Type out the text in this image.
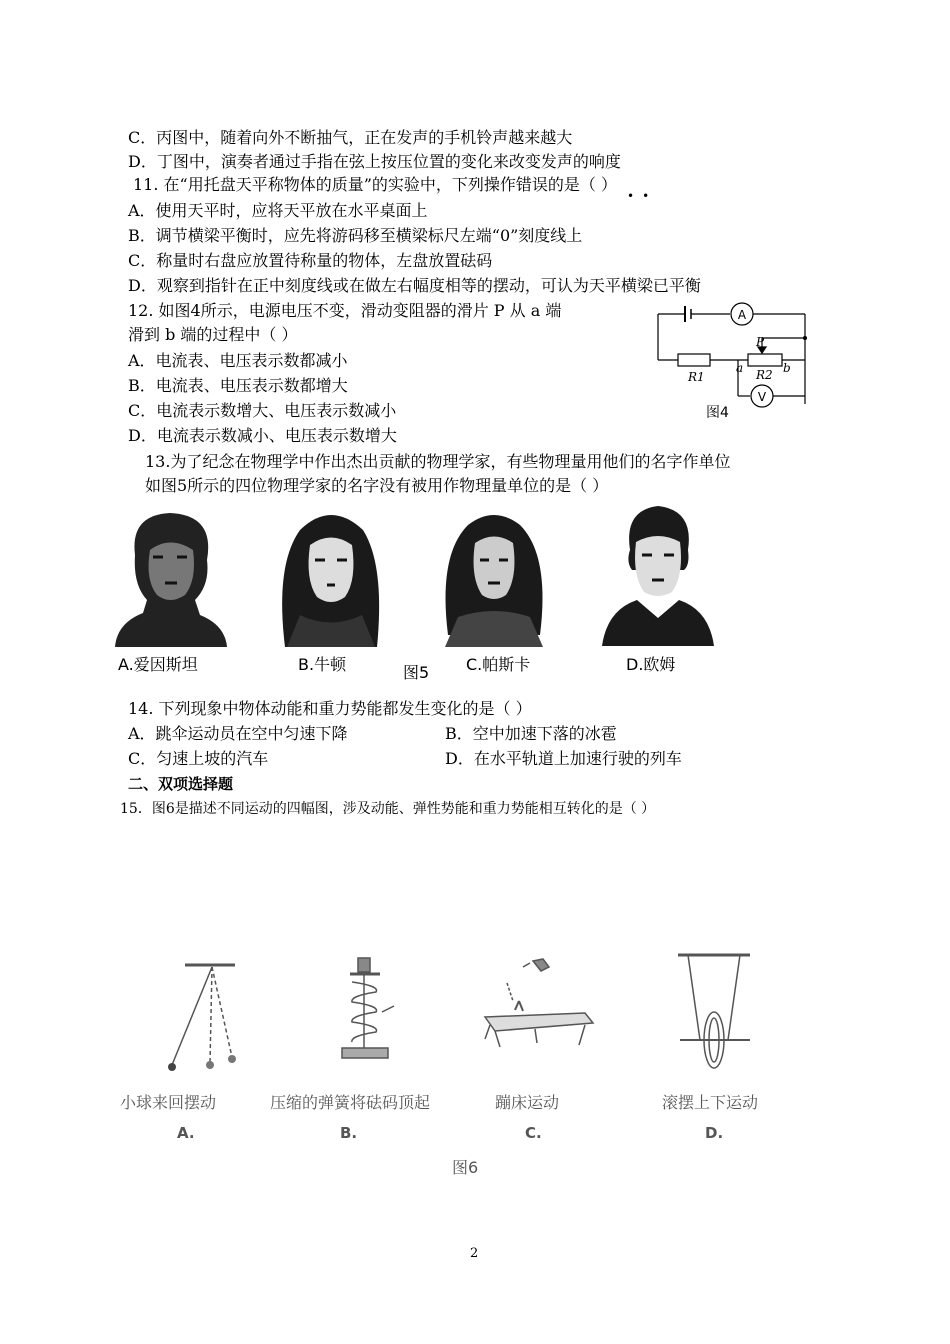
C．丙图中，随着向外不断抽气，正在发声的手机铃声越来越大
D．丁图中，演奏者通过手指在弦上按压位置的变化来改变发声的响度
11. 在“用托盘天平称物体的质量”的实验中，下列操作错误的是（ ）
••
A．使用天平时，应将天平放在水平桌面上
B．调节横梁平衡时，应先将游码移至横梁标尺左端“0”刻度线上
C．称量时右盘应放置待称量的物体，左盘放置砝码
D．观察到指针在正中刻度线或在做左右幅度相等的摆动，可认为天平横梁已平衡
12. 如图4所示，电源电压不变，滑动变阻器的滑片 P 从 a 端
滑到 b 端的过程中（ ）
A．电流表、电压表示数都减小
B．电流表、电压表示数都增大
C．电流表示数增大、电压表示数减小
D．电流表示数减小、电压表示数增大
13.为了纪念在物理学中作出杰出贡献的物理学家，有些物理量用他们的名字作单位
如图5所示的四位物理学家的名字没有被用作物理量单位的是（ ）
A
V
R1	R2
P
a	b
图4
A.爱因斯坦	B.牛顿	图5 C.帕斯卡	D.欧姆
14. 下列现象中物体动能和重力势能都发生变化的是（ ）
A．跳伞运动员在空中匀速下降	B．空中加速下落的冰雹
C．匀速上坡的汽车	D．在水平轨道上加速行驶的列车
二、双项选择题
15．图6是描述不同运动的四幅图，涉及动能、弹性势能和重力势能相互转化的是（ ）
小球来回摆动	压缩的弹簧将砝码顶起	蹦床运动	滚摆上下运动
A.	B.	C.	D.
图6
2
